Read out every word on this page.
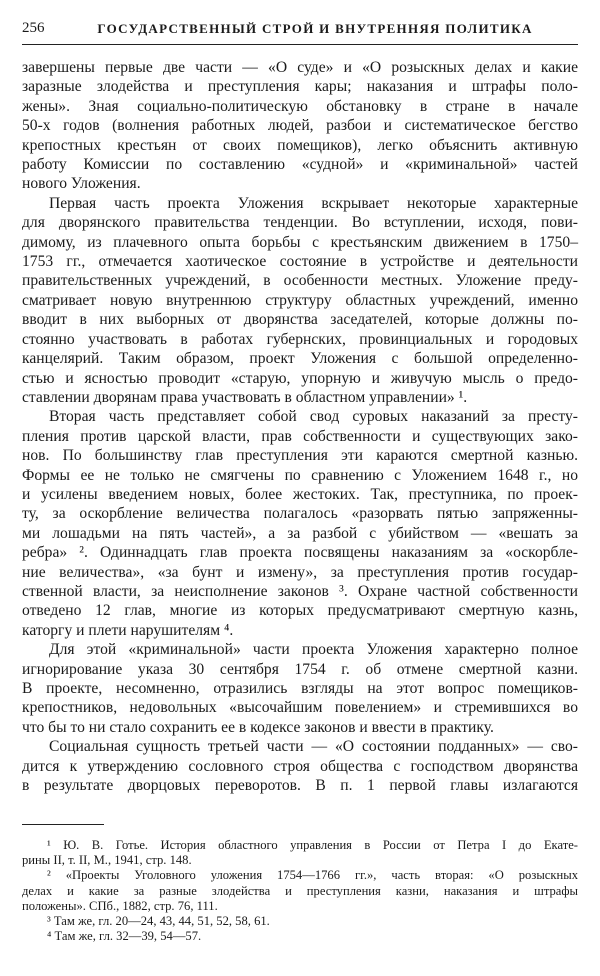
256	ГОСУДАРСТВЕННЫЙ СТРОЙ И ВНУТРЕННЯЯ ПОЛИТИКА
завершены первые две части — «О суде» и «О розыскных делах и какие
заразные злодейства и преступления кары; наказания и штрафы поло-
жены». Зная социально-политическую обстановку в стране в начале
50-х годов (волнения работных людей, разбои и систематическое бегство
крепостных крестьян от своих помещиков), легко объяснить активную
работу Комиссии по составлению «судной» и «криминальной» частей
нового Уложения.
Первая часть проекта Уложения вскрывает некоторые характерные
для дворянского правительства тенденции. Во вступлении, исходя, пови-
димому, из плачевного опыта борьбы с крестьянским движением в 1750–
1753 гг., отмечается хаотическое состояние в устройстве и деятельности
правительственных учреждений, в особенности местных. Уложение преду-
сматривает новую внутреннюю структуру областных учреждений, именно
вводит в них выборных от дворянства заседателей, которые должны по-
стоянно участвовать в работах губернских, провинциальных и городовых
канцелярий. Таким образом, проект Уложения с большой определенно-
стью и ясностью проводит «старую, упорную и живучую мысль о предо-
ставлении дворянам права участвовать в областном управлении» ¹.
Вторая часть представляет собой свод суровых наказаний за престу-
пления против царской власти, прав собственности и существующих зако-
нов. По большинству глав преступления эти караются смертной казнью.
Формы ее не только не смягчены по сравнению с Уложением 1648 г., но
и усилены введением новых, более жестоких. Так, преступника, по проек-
ту, за оскорбление величества полагалось «разорвать пятью запряженны-
ми лошадьми на пять частей», а за разбой с убийством — «вешать за
ребра» ². Одиннадцать глав проекта посвящены наказаниям за «оскорбле-
ние величества», «за бунт и измену», за преступления против государ-
ственной власти, за неисполнение законов ³. Охране частной собственности
отведено 12 глав, многие из которых предусматривают смертную казнь,
каторгу и плети нарушителям ⁴.
Для этой «криминальной» части проекта Уложения характерно полное
игнорирование указа 30 сентября 1754 г. об отмене смертной казни.
В проекте, несомненно, отразились взгляды на этот вопрос помещиков-
крепостников, недовольных «высочайшим повелением» и стремившихся во
что бы то ни стало сохранить ее в кодексе законов и ввести в практику.
Социальная сущность третьей части — «О состоянии подданных» — сво-
дится к утверждению сословного строя общества с господством дворянства
в результате дворцовых переворотов. В п. 1 первой главы излагаются
¹ Ю. В. Готье. История областного управления в России от Петра I до Екате-
рины II, т. II, М., 1941, стр. 148.
² «Проекты Уголовного уложения 1754—1766 гг.», часть вторая: «О розыскных
делах и какие за разные злодейства и преступления казни, наказания и штрафы
положены». СПб., 1882, стр. 76, 111.
³ Там же, гл. 20—24, 43, 44, 51, 52, 58, 61.
⁴ Там же, гл. 32—39, 54—57.
